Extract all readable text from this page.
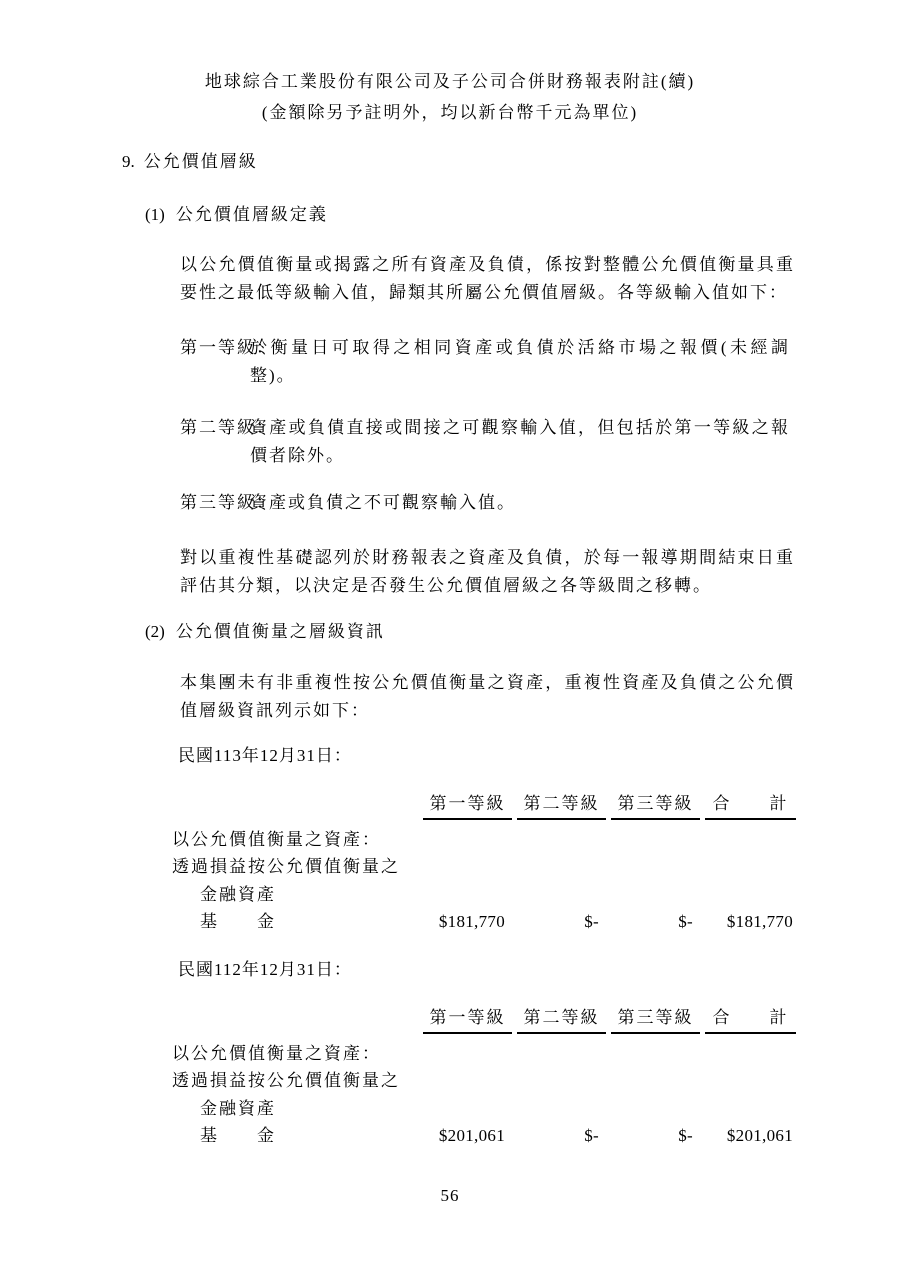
地球綜合工業股份有限公司及子公司合併財務報表附註(續)
(金額除另予註明外，均以新台幣千元為單位)
9. 公允價值層級
(1) 公允價值層級定義
以公允價值衡量或揭露之所有資產及負債，係按對整體公允價值衡量具重要性之最低等級輸入值，歸類其所屬公允價值層級。各等級輸入值如下：
第一等級：
於衡量日可取得之相同資產或負債於活絡市場之報價(未經調整)。
第二等級：
資產或負債直接或間接之可觀察輸入值，但包括於第一等級之報價者除外。
第三等級：
資產或負債之不可觀察輸入值。
對以重複性基礎認列於財務報表之資產及負債，於每一報導期間結束日重評估其分類，以決定是否發生公允價值層級之各等級間之移轉。
(2) 公允價值衡量之層級資訊
本集團未有非重複性按公允價值衡量之資產，重複性資產及負債之公允價值層級資訊列示如下：
民國113年12月31日：
第一等級	第二等級	第三等級	合　　計
以公允價值衡量之資產：
透過損益按公允價值衡量之
金融資產
基　　金	$181,770	$-	$-	$181,770
民國112年12月31日：
第一等級	第二等級	第三等級	合　　計
以公允價值衡量之資產：
透過損益按公允價值衡量之
金融資產
基　　金	$201,061	$-	$-	$201,061
56
